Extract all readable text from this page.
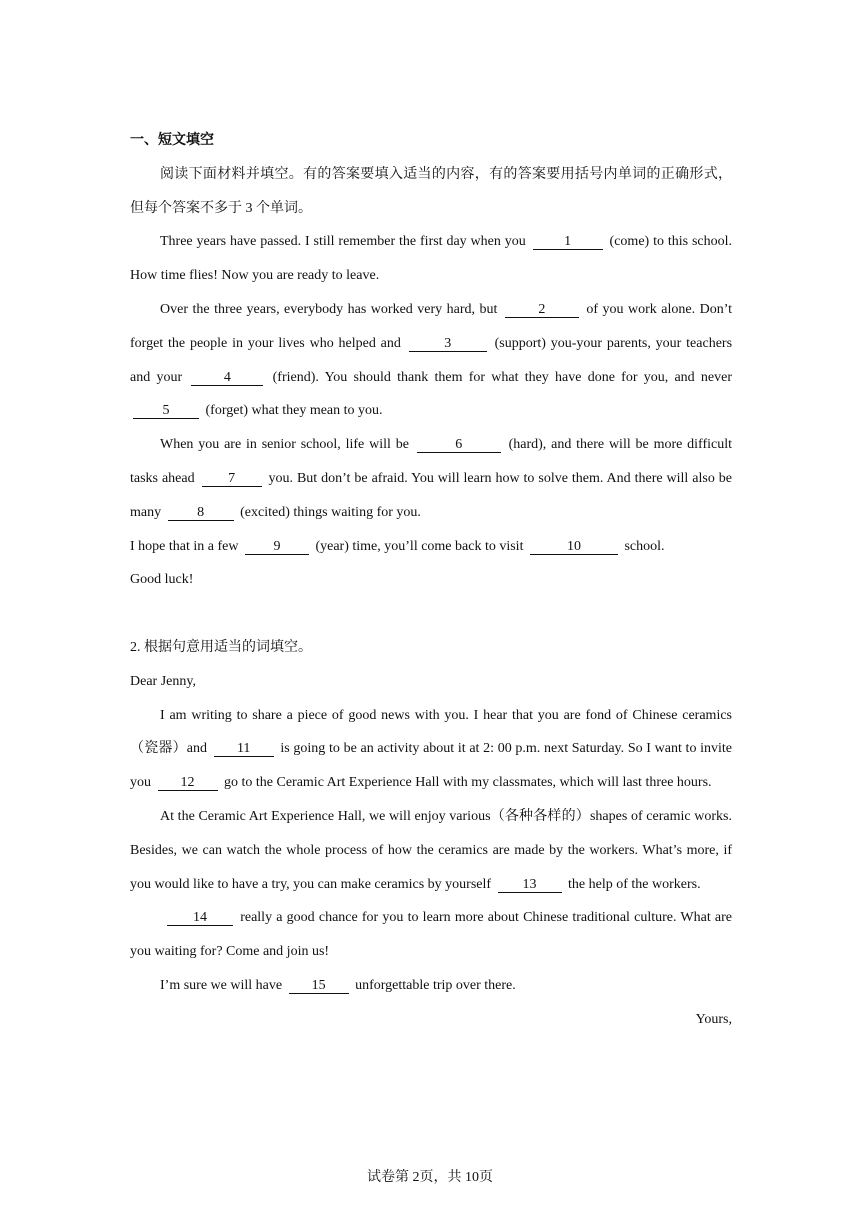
一、短文填空
阅读下面材料并填空。有的答案要填入适当的内容，有的答案要用括号内单词的正确形式，但每个答案不多于 3 个单词。
Three years have passed. I still remember the first day when you	1	(come) to this school. How time flies! Now you are ready to leave.
Over the three years, everybody has worked very hard, but	2	of you work alone. Don’t forget the people in your lives who helped and	3	(support) you-your parents, your teachers and your	4	(friend). You should thank them for what they have done for you, and never 5	(forget) what they mean to you.
When you are in senior school, life will be	6	(hard), and there will be more difficult tasks ahead 7 you. But don’t be afraid. You will learn how to solve them. And there will also be many	8	(excited) things waiting for you.
I hope that in a few	9	(year) time, you’ll come back to visit	10	school.
Good luck!
2. 根据句意用适当的词填空。
Dear Jenny,
I am writing to share a piece of good news with you. I hear that you are fond of Chinese ceramics（瓷器）and 11 is going to be an activity about it at 2: 00 p.m. next Saturday. So I want to invite you 12 go to the Ceramic Art Experience Hall with my classmates, which will last three hours.
At the Ceramic Art Experience Hall, we will enjoy various（各种各样的）shapes of ceramic works. Besides, we can watch the whole process of how the ceramics are made by the workers. What’s more, if you would like to have a try, you can make ceramics by yourself 13 the help of the workers.
14 really a good chance for you to learn more about Chinese traditional culture. What are you waiting for? Come and join us!
I’m sure we will have 15 unforgettable trip over there.
Yours,
试卷第 2页，共 10页
